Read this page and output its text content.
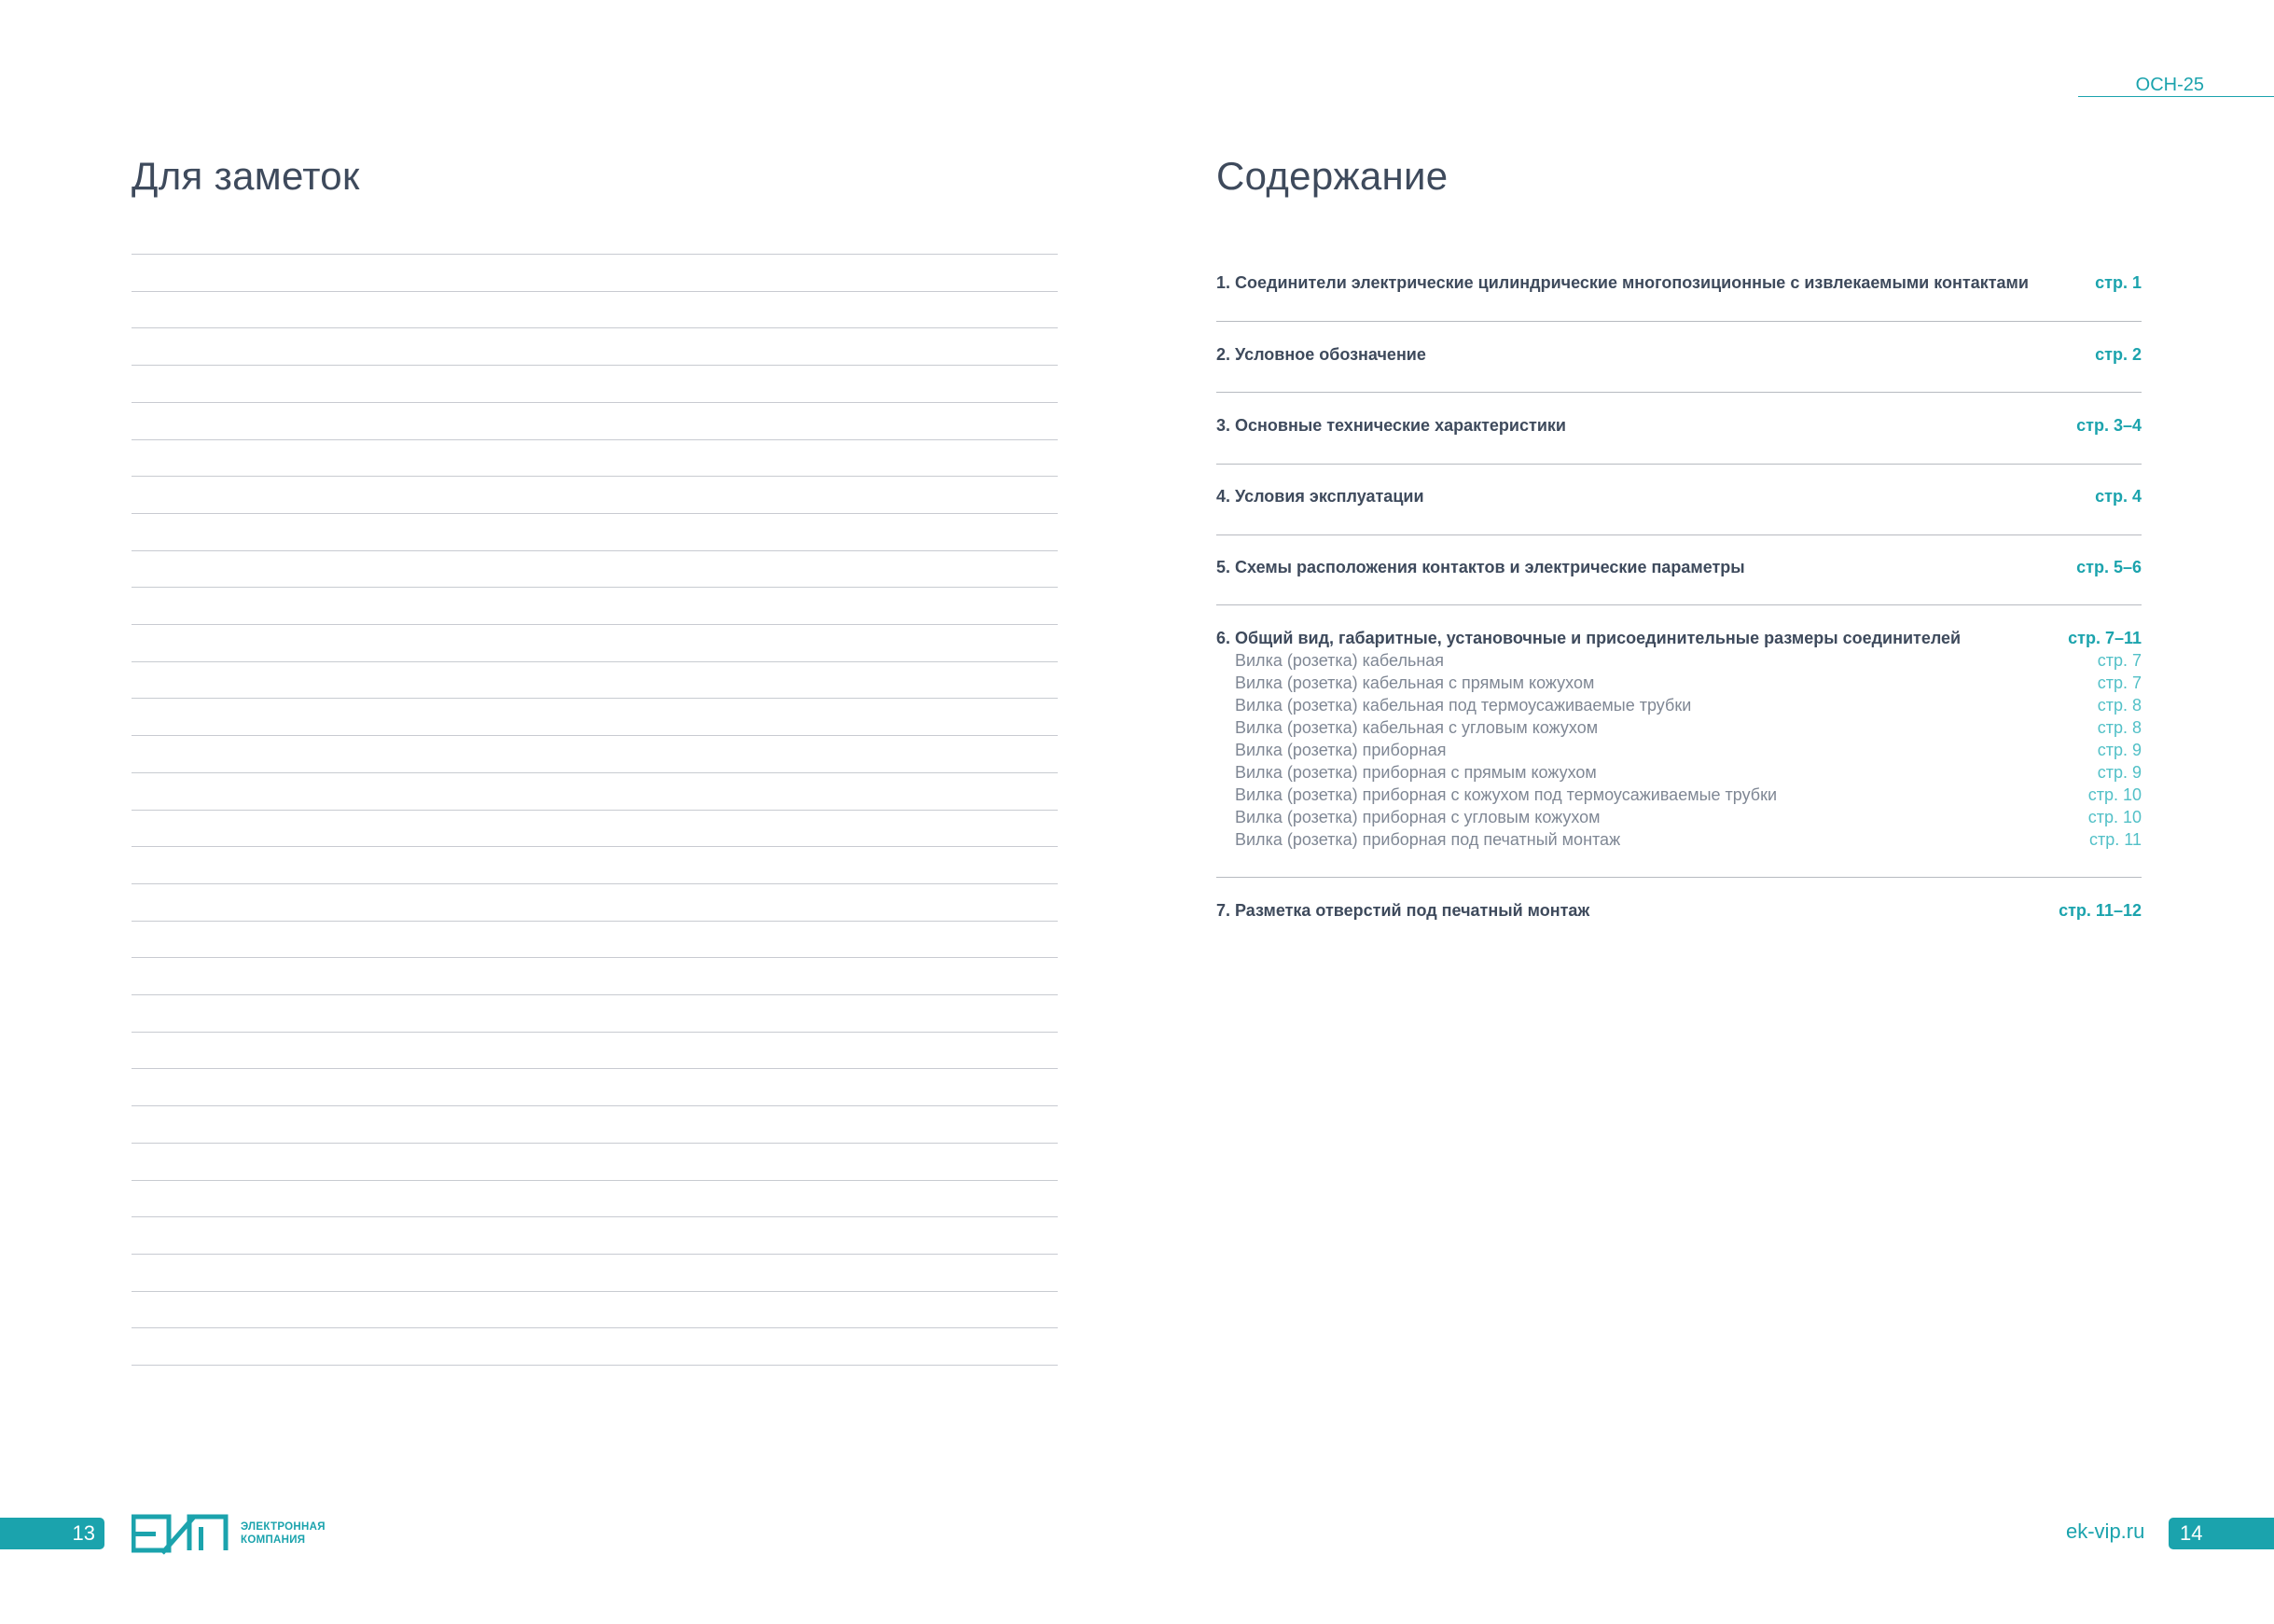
ОСН-25
Для заметок	Содержание
1. Соединители электрические цилиндрические многопозиционные с извлекаемыми контактами	стр. 1
2. Условное обозначение	стр. 2
3. Основные технические характеристики	стр. 3–4
4. Условия эксплуатации	стр. 4
5. Схемы расположения контактов и электрические параметры	стр. 5–6
6. Общий вид, габаритные, установочные и присоединительные размеры соединителей	стр. 7–11
Вилка (розетка) кабельная	стр. 7
Вилка (розетка) кабельная с прямым кожухом	стр. 7
Вилка (розетка) кабельная под термоусаживаемые трубки	стр. 8
Вилка (розетка) кабельная с угловым кожухом	стр. 8
Вилка (розетка) приборная	стр. 9
Вилка (розетка) приборная с прямым кожухом	стр. 9
Вилка (розетка) приборная с кожухом под термоусаживаемые трубки	стр. 10
Вилка (розетка) приборная с угловым кожухом	стр. 10
Вилка (розетка) приборная под печатный монтаж	стр. 11
7. Разметка отверстий под печатный монтаж	стр. 11–12
13	ЭЛЕКТРОННАЯ
КОМПАНИЯ	ek-vip.ru	14
